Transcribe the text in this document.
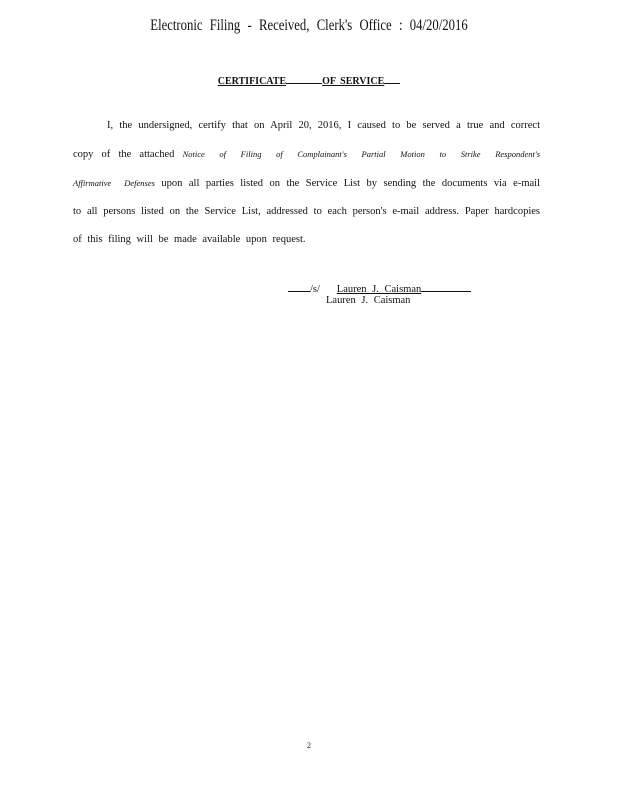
Electronic Filing - Received, Clerk's Office : 04/20/2016
CERTIFICATE	OF SERVICE
I, the undersigned, certify that on April 20, 2016, I caused to be served a true and correct copy of the attached Notice of Filing of Complainant's Partial Motion to Strike Respondent's Affirmative Defenses upon all parties listed on the Service List by sending the documents via e-mail to all persons listed on the Service List, addressed to each person's e-mail address. Paper hardcopies of this filing will be made available upon request.
/s/ Lauren J. Caisman
Lauren J. Caisman
2
